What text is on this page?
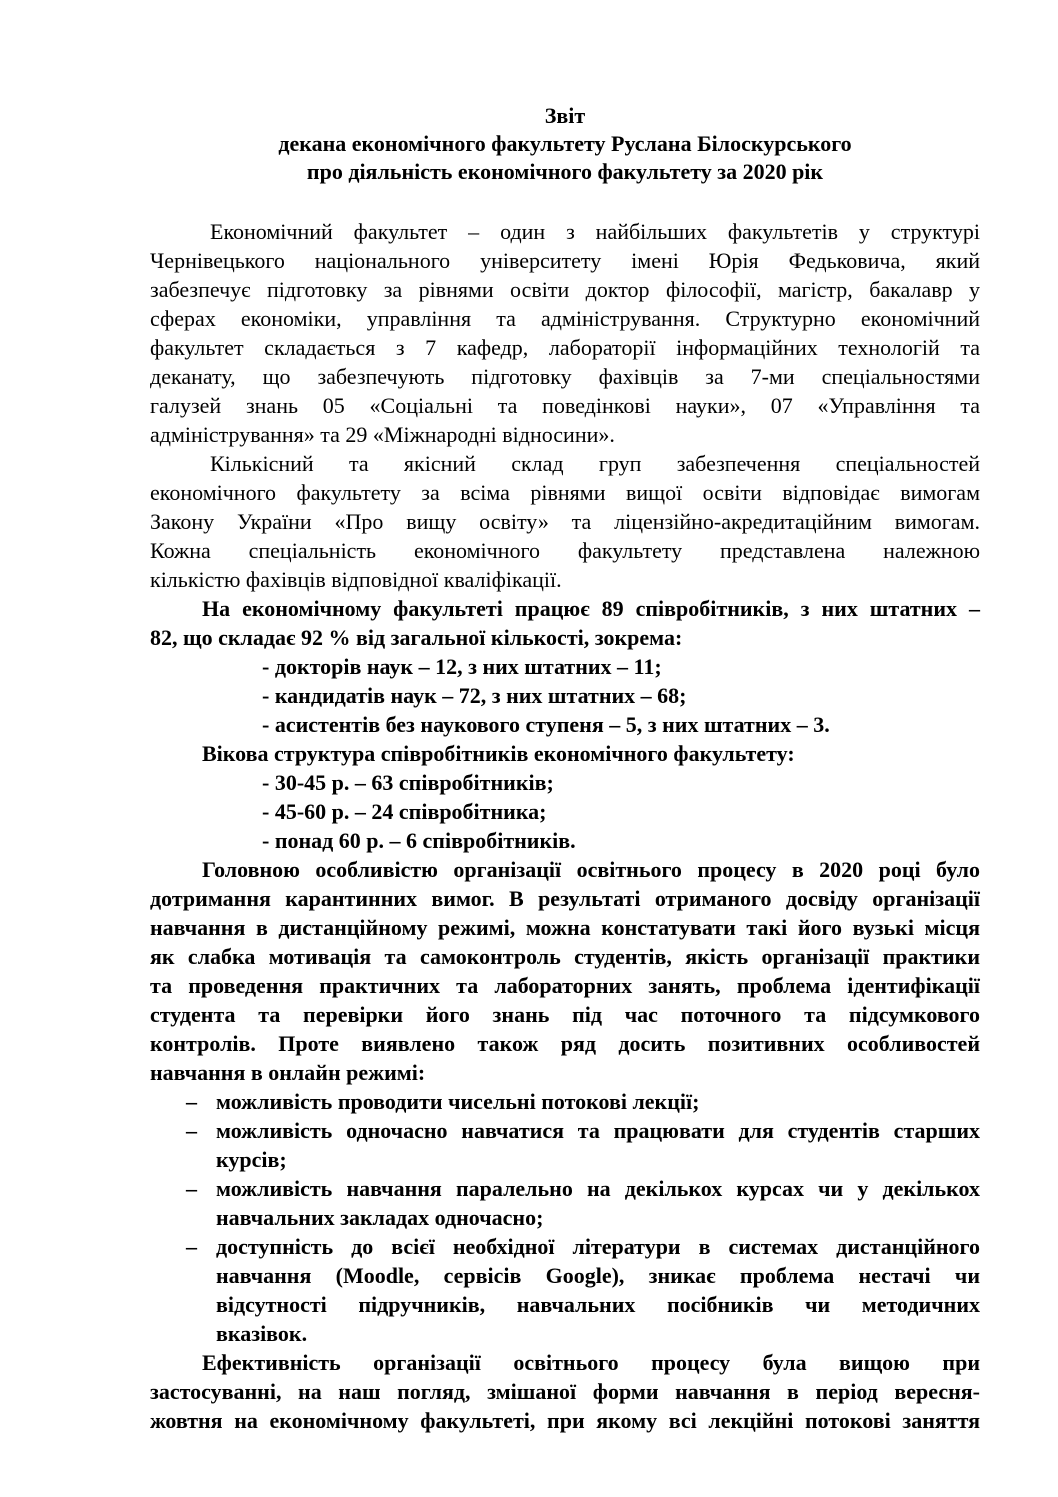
Звіт
декана економічного факультету Руслана Білоскурського
про діяльність економічного факультету за 2020 рік
Економічний факультет – один з найбільших факультетів у структурі
Чернівецького національного університету імені Юрія Федьковича, який
забезпечує підготовку за рівнями освіти доктор філософії, магістр, бакалавр у
сферах економіки, управління та адміністрування. Структурно економічний
факультет складається з 7 кафедр, лабораторії інформаційних технологій та
деканату, що забезпечують підготовку фахівців за 7-ми спеціальностями
галузей знань 05 «Соціальні та поведінкові науки», 07 «Управління та
адміністрування» та 29 «Міжнародні відносини».
Кількісний та якісний склад груп забезпечення спеціальностей
економічного факультету за всіма рівнями вищої освіти відповідає вимогам
Закону України «Про вищу освіту» та ліцензійно-акредитаційним вимогам.
Кожна спеціальність економічного факультету представлена належною
кількістю фахівців відповідної кваліфікації.
На економічному факультеті працює 89 співробітників, з них штатних –
82, що складає 92 % від загальної кількості, зокрема:
- докторів наук – 12, з них штатних – 11;
- кандидатів наук – 72, з них штатних – 68;
- асистентів без наукового ступеня – 5, з них штатних – 3.
Вікова структура співробітників економічного факультету:
- 30-45 р. – 63 співробітників;
- 45-60 р. – 24 співробітника;
- понад 60 р. – 6 співробітників.
Головною особливістю організації освітнього процесу в 2020 році було
дотримання карантинних вимог. В результаті отриманого досвіду організації
навчання в дистанційному режимі, можна констатувати такі його вузькі місця
як слабка мотивація та самоконтроль студентів, якість організації практики
та проведення практичних та лабораторних занять, проблема ідентифікації
студента та перевірки його знань під час поточного та підсумкового
контролів. Проте виявлено також ряд досить позитивних особливостей
навчання в онлайн режимі:
– можливість проводити чисельні потокові лекції;
– можливість одночасно навчатися та працювати для студентів старших
курсів;
– можливість навчання паралельно на декількох курсах чи у декількох
навчальних закладах одночасно;
– доступність до всієї необхідної літератури в системах дистанційного
навчання (Moodle, сервісів Google), зникає проблема нестачі чи
відсутності підручників, навчальних посібників чи методичних
вказівок.
Ефективність організації освітнього процесу була вищою при
застосуванні, на наш погляд, змішаної форми навчання в період вересня-
жовтня на економічному факультеті, при якому всі лекційні потокові заняття
